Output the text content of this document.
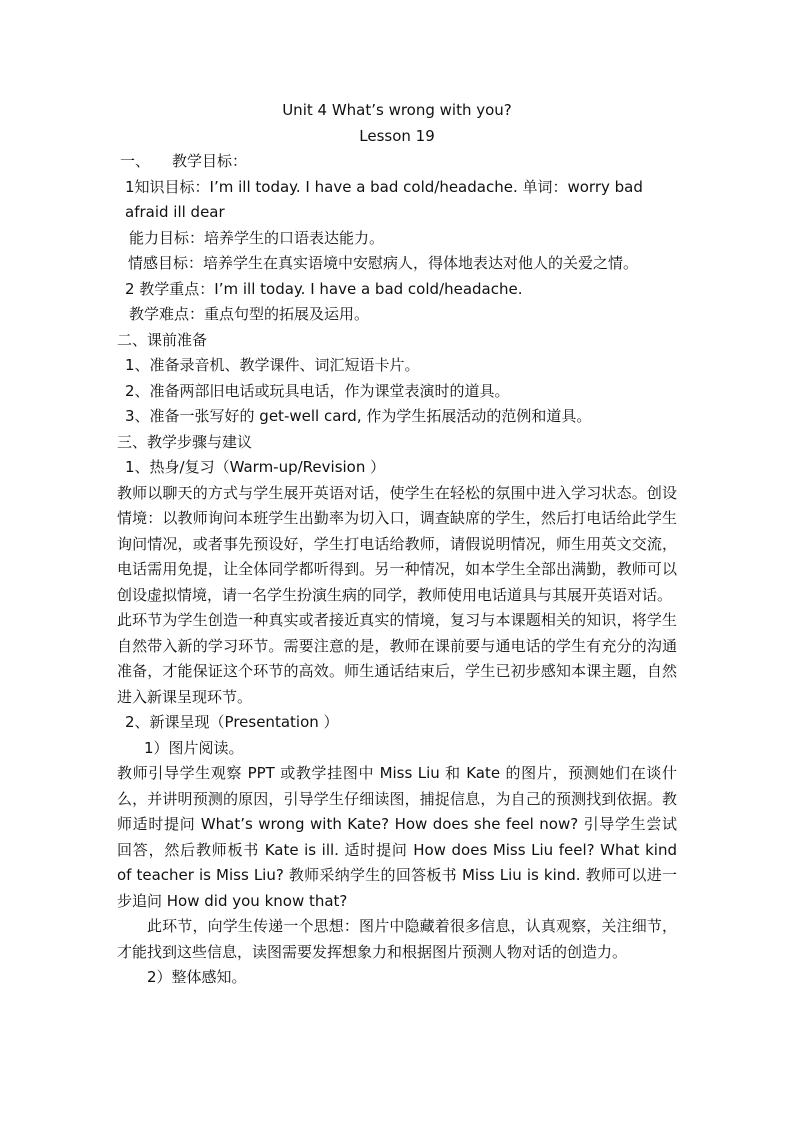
Unit 4 What’s wrong with you?

Lesson 19

一、 教学目标：

1知识目标：I’m ill today. I have a bad cold/headache. 单词：worry bad

afraid ill dear

能力目标：培养学生的口语表达能力。

情感目标：培养学生在真实语境中安慰病人，得体地表达对他人的关爱之情。

2 教学重点：I’m ill today. I have a bad cold/headache.

教学难点：重点句型的拓展及运用。

二、课前准备

1、准备录音机、教学课件、词汇短语卡片。

2、准备两部旧电话或玩具电话，作为课堂表演时的道具。

3、准备一张写好的 get-well card, 作为学生拓展活动的范例和道具。

三、教学步骤与建议

1、热身/复习（Warm-up/Revision ）

教师以聊天的方式与学生展开英语对话，使学生在轻松的氛围中进入学习状态。创设情境：以教师询问本班学生出勤率为切入口，调查缺席的学生，然后打电话给此学生询问情况，或者事先预设好，学生打电话给教师，请假说明情况，师生用英文交流，电话需用免提，让全体同学都听得到。另一种情况，如本学生全部出满勤，教师可以创设虚拟情境，请一名学生扮演生病的同学，教师使用电话道具与其展开英语对话。

此环节为学生创造一种真实或者接近真实的情境，复习与本课题相关的知识，将学生自然带入新的学习环节。需要注意的是，教师在课前要与通电话的学生有充分的沟通准备，才能保证这个环节的高效。师生通话结束后，学生已初步感知本课主题，自然进入新课呈现环节。

2、新课呈现（Presentation ）

1）图片阅读。

教师引导学生观察 PPT 或教学挂图中 Miss Liu 和 Kate 的图片，预测她们在谈什么，并讲明预测的原因，引导学生仔细读图，捕捉信息，为自己的预测找到依据。教师适时提问 What’s wrong with Kate? How does she feel now? 引导学生尝试回答，然后教师板书 Kate is ill. 适时提问 How does Miss Liu feel? What kind of teacher is Miss Liu? 教师采纳学生的回答板书 Miss Liu is kind. 教师可以进一步追问 How did you know that?

此环节，向学生传递一个思想：图片中隐藏着很多信息，认真观察，关注细节，才能找到这些信息，读图需要发挥想象力和根据图片预测人物对话的创造力。

2）整体感知。
